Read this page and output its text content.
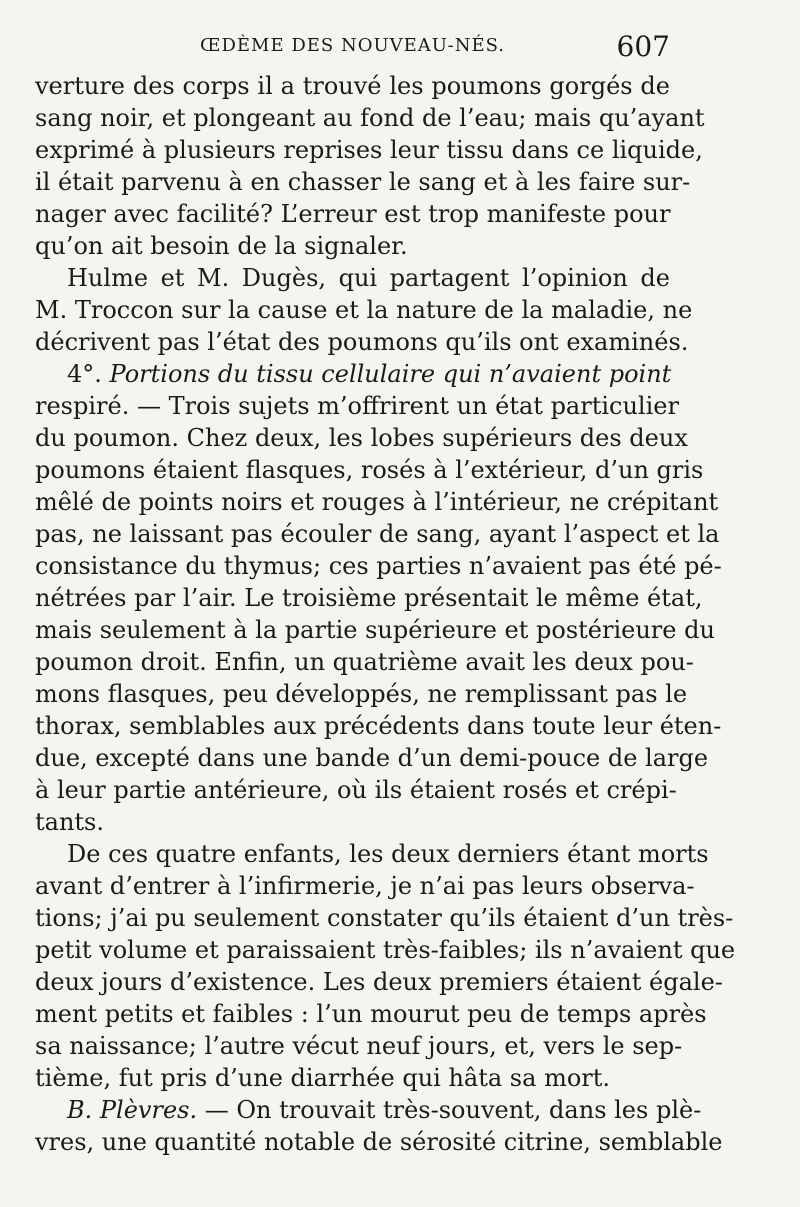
ŒDÈME DES NOUVEAU-NÉS.	607
verture des corps il a trouvé les poumons gorgés de
sang noir, et plongeant au fond de l’eau; mais qu’ayant
exprimé à plusieurs reprises leur tissu dans ce liquide,
il était parvenu à en chasser le sang et à les faire sur-
nager avec facilité? L’erreur est trop manifeste pour
qu’on ait besoin de la signaler.
Hulme et M. Dugès, qui partagent l’opinion de
M. Troccon sur la cause et la nature de la maladie, ne
décrivent pas l’état des poumons qu’ils ont examinés.
4°. Portions du tissu cellulaire qui n’avaient point
respiré. — Trois sujets m’offrirent un état particulier
du poumon. Chez deux, les lobes supérieurs des deux
poumons étaient flasques, rosés à l’extérieur, d’un gris
mêlé de points noirs et rouges à l’intérieur, ne crépitant
pas, ne laissant pas écouler de sang, ayant l’aspect et la
consistance du thymus; ces parties n’avaient pas été pé-
nétrées par l’air. Le troisième présentait le même état,
mais seulement à la partie supérieure et postérieure du
poumon droit. Enfin, un quatrième avait les deux pou-
mons flasques, peu développés, ne remplissant pas le
thorax, semblables aux précédents dans toute leur éten-
due, excepté dans une bande d’un demi-pouce de large
à leur partie antérieure, où ils étaient rosés et crépi-
tants.
De ces quatre enfants, les deux derniers étant morts
avant d’entrer à l’infirmerie, je n’ai pas leurs observa-
tions; j’ai pu seulement constater qu’ils étaient d’un très-
petit volume et paraissaient très-faibles; ils n’avaient que
deux jours d’existence. Les deux premiers étaient égale-
ment petits et faibles : l’un mourut peu de temps après
sa naissance; l’autre vécut neuf jours, et, vers le sep-
tième, fut pris d’une diarrhée qui hâta sa mort.
B. Plèvres. — On trouvait très-souvent, dans les plè-
vres, une quantité notable de sérosité citrine, semblable
